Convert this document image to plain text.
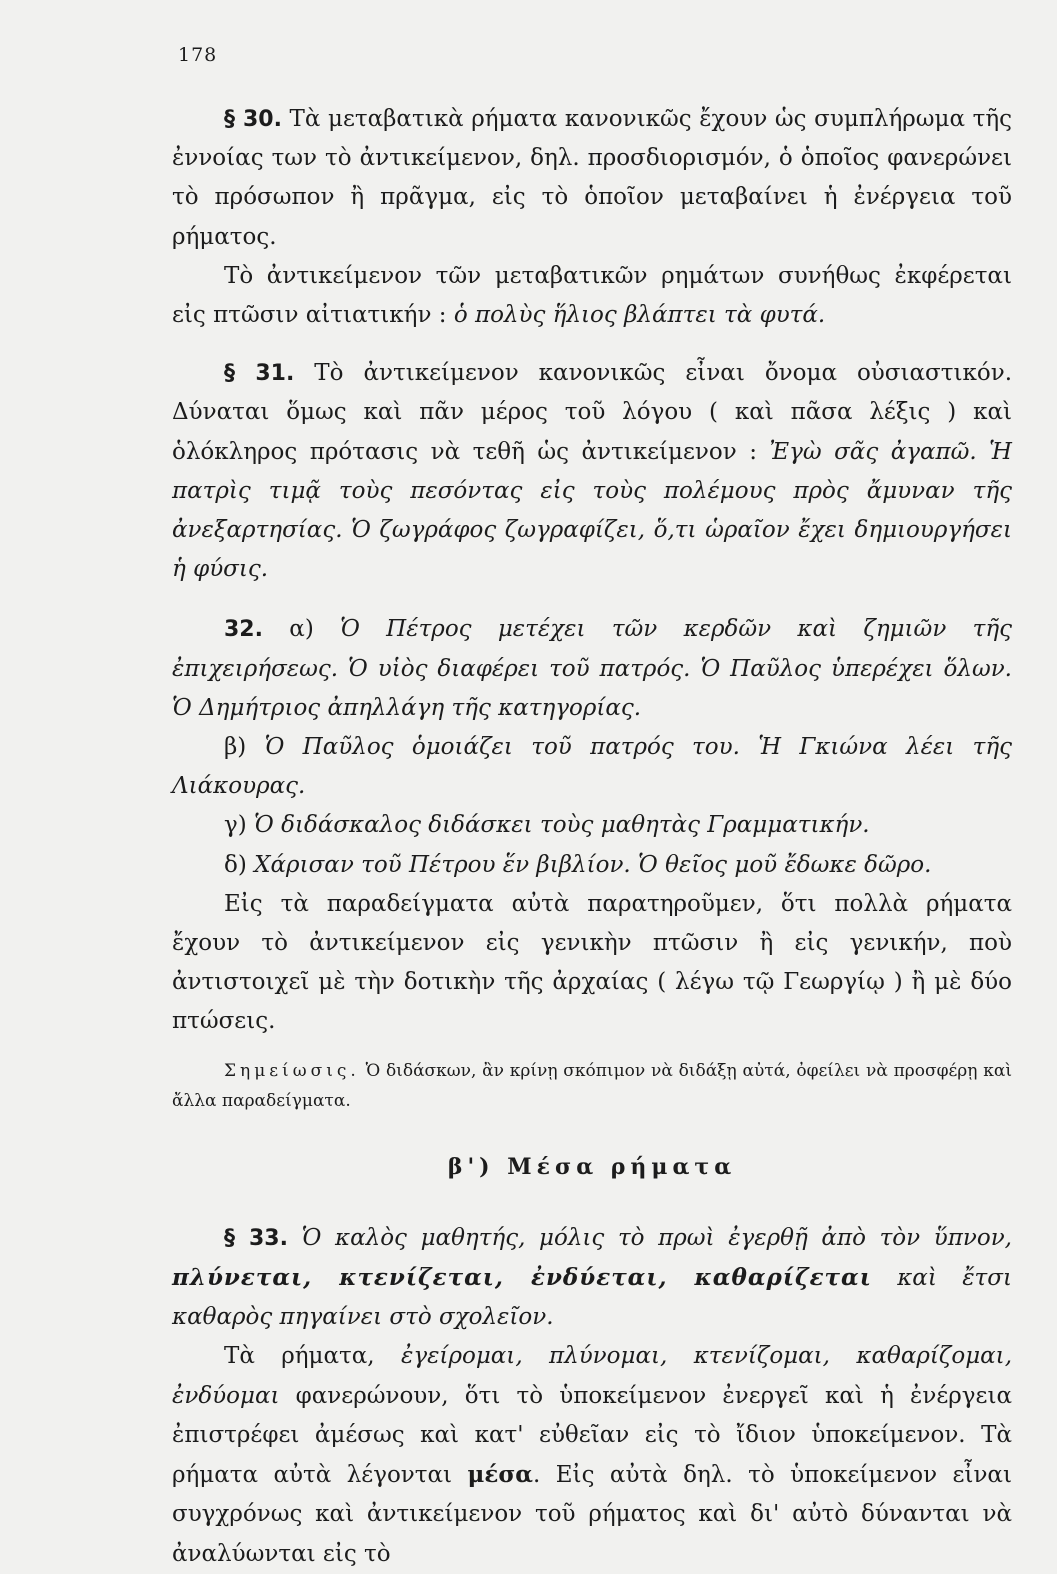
178

§ 30. Τὰ μεταβατικὰ ρήματα κανονικῶς ἔχουν ὡς συμπλήρωμα τῆς ἐννοίας των τὸ ἀντικείμενον, δηλ. προσδιορισμόν, ὁ ὁποῖος φανερώνει τὸ πρόσωπον ἢ πρᾶγμα, εἰς τὸ ὁποῖον μεταβαίνει ἡ ἐνέργεια τοῦ ρήματος.

Τὸ ἀντικείμενον τῶν μεταβατικῶν ρημάτων συνήθως ἐκφέρεται εἰς πτῶσιν αἰτιατικήν : ὁ πολὺς ἥλιος βλάπτει τὰ φυτά.

§ 31. Τὸ ἀντικείμενον κανονικῶς εἶναι ὄνομα οὐσιαστικόν. Δύναται ὅμως καὶ πᾶν μέρος τοῦ λόγου ( καὶ πᾶσα λέξις ) καὶ ὁλόκληρος πρότασις νὰ τεθῆ ὡς ἀντικείμενον : Ἐγὼ σᾶς ἀγαπῶ. Ἡ πατρὶς τιμᾷ τοὺς πεσόντας εἰς τοὺς πολέμους πρὸς ἄμυναν τῆς ἀνεξαρτησίας. Ὁ ζωγράφος ζωγραφίζει, ὅ,τι ὡραῖον ἔχει δημιουργήσει ἡ φύσις.

32. α) Ὁ Πέτρος μετέχει τῶν κερδῶν καὶ ζημιῶν τῆς ἐπιχειρήσεως. Ὁ υἱὸς διαφέρει τοῦ πατρός. Ὁ Παῦλος ὑπερέχει ὅλων. Ὁ Δημήτριος ἀπηλλάγη τῆς κατηγορίας.

β) Ὁ Παῦλος ὁμοιάζει τοῦ πατρός του. Ἡ Γκιώνα λέει τῆς Λιάκουρας.

γ) Ὁ διδάσκαλος διδάσκει τοὺς μαθητὰς Γραμματικήν.

δ) Χάρισαν τοῦ Πέτρου ἕν βιβλίον. Ὁ θεῖος μοῦ ἔδωκε δῶρο.

Εἰς τὰ παραδείγματα αὐτὰ παρατηροῦμεν, ὅτι πολλὰ ρήματα ἔχουν τὸ ἀντικείμενον εἰς γενικὴν πτῶσιν ἢ εἰς γενικήν, ποὺ ἀντιστοιχεῖ μὲ τὴν δοτικὴν τῆς ἀρχαίας ( λέγω τῷ Γεωργίῳ ) ἢ μὲ δύο πτώσεις.

Σημείωσις. Ὁ διδάσκων, ἂν κρίνῃ σκόπιμον νὰ διδάξῃ αὐτά, ὀφείλει νὰ προσφέρῃ καὶ ἄλλα παραδείγματα.

β') Μέσα ρήματα

§ 33. Ὁ καλὸς μαθητής, μόλις τὸ πρωὶ ἐγερθῇ ἀπὸ τὸν ὕπνον, πλύνεται, κτενίζεται, ἐνδύεται, καθαρίζεται καὶ ἔτσι καθαρὸς πηγαίνει στὸ σχολεῖον.

Τὰ ρήματα, ἐγείρομαι, πλύνομαι, κτενίζομαι, καθαρίζομαι, ἐνδύομαι φανερώνουν, ὅτι τὸ ὑποκείμενον ἐνεργεῖ καὶ ἡ ἐνέργεια ἐπιστρέφει ἀμέσως καὶ κατ' εὐθεῖαν εἰς τὸ ἴδιον ὑποκείμενον. Τὰ ρήματα αὐτὰ λέγονται μέσα. Εἰς αὐτὰ δηλ. τὸ ὑποκείμενον εἶναι συγχρόνως καὶ ἀντικείμενον τοῦ ρήματος καὶ δι' αὐτὸ δύνανται νὰ ἀναλύωνται εἰς τὸ
